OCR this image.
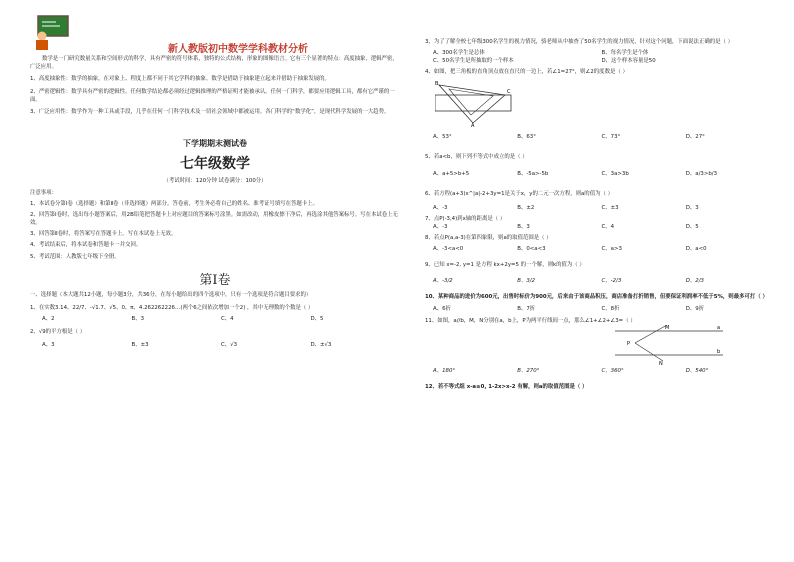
新人教版初中数学学科教材分析

数学是一门研究数量关系和空间形式的科学，具有严密的符号体系，独特的公式结构，形象的图像语言。它有三个显著的特点：高度抽象，逻辑严密，广泛应用。

1、高度抽象性：数学的抽象，在对象上、程度上都不同于其它学科的抽象。数学是借助于抽象建立起来并借助于抽象发展的。

2、严密逻辑性：数学具有严密的逻辑性，任何数学结论都必须经过逻辑推理的严格证明才能被承认。任何一门科学，都要应用逻辑工具，都有它严谨的一面。

3、广泛应用性：数学作为一种工具或手段，几乎在任何一门科学技术及一切社会领域中都被运用。各门科学的“数学化”，是现代科学发展的一大趋势。

下学期期末测试卷
七年级数学
（考试时间：120分钟 试卷满分：100分）

注意事项：

1、本试卷分第Ⅰ卷（选择题）和第Ⅱ卷（非选择题）两部分。答卷前，考生务必将自己的姓名、准考证号填写在答题卡上。

2、回答第Ⅰ卷时，选出每小题答案后，用2B铅笔把答题卡上对应题目的答案标号涂黑。如需改动，用橡皮擦干净后，再选涂其他答案标号。写在本试卷上无效。

3、回答第Ⅱ卷时，将答案写在答题卡上。写在本试卷上无效。

4、考试结束后，将本试卷和答题卡一并交回。

5、考试范围：人教版七年级下全册。

第Ⅰ卷

一、选择题（本大题共12小题，每小题3分，共36分，在每小题给出的四个选项中，只有一个选项是符合题目要求的）

1、在实数3.14、22/7、-√1.7、√5、0、π、4.262262226…(两个6之间依次增加一个2) ，其中无理数的个数是（ ）

A、2	B、3	C、4	D、5

2、√9的平方根是（ ）

A、3	B、±3	C、√3	D、±√3

3、为了了解全校七年级300名学生的视力情况，骆老师从中抽查了50名学生的视力情况，针对这个问题，下面说法正确的是（ ）

A、300名学生是总体	B、每名学生是个体
C、50名学生是所抽取的一个样本	D、这个样本容量是50

4、如图，把三角板的直角顶点放在直尺的一边上，若∠1=27°，则∠2的度数是（ ）

B
C
A
A、53°	B、63°	C、73°	D、27°

5、若a<b，则下列不等式中成立的是（ ）

A、a+5>b+5	B、-5a>-5b	C、3a>3b	D、a/3>b/3

6、若方程(a+3)x^|a|-2+3y=1是关于x，y的二元一次方程，则a的值为（ ）

A、-3	B、±2	C、±3	D、3

7、点P(-3,4)到x轴的距离是（ ）

A、-3	B、3	C、4	D、5

8、若点P(a,a-3)在第四象限，则a的取值范围是（ ）

A、-3<a<0	B、0<a<3	C、a>3	D、a<0

9、已知 x=-2, y=1 是方程 kx+2y=5 的一个解，则k的值为（ ）

A、-3/2	B、3/2	C、-2/3	D、2/3

10、某种商品的进价为600元，出售时标价为900元，后来由于该商品积压，商店准备打折销售，但要保证利润率不低于5%，则最多可打（ ）

A、6折	B、7折	C、8折	D、9折

11、如图，a//b，M，N分别在a，b上，P为两平行线间一点，那么∠1+∠2+∠3=（ ）

M
P
N
a
b
A、180°	B、270°	C、360°	D、540°

12、若不等式组 x-a≥0, 1-2x>x-2 有解，则a的取值范围是（ ）
